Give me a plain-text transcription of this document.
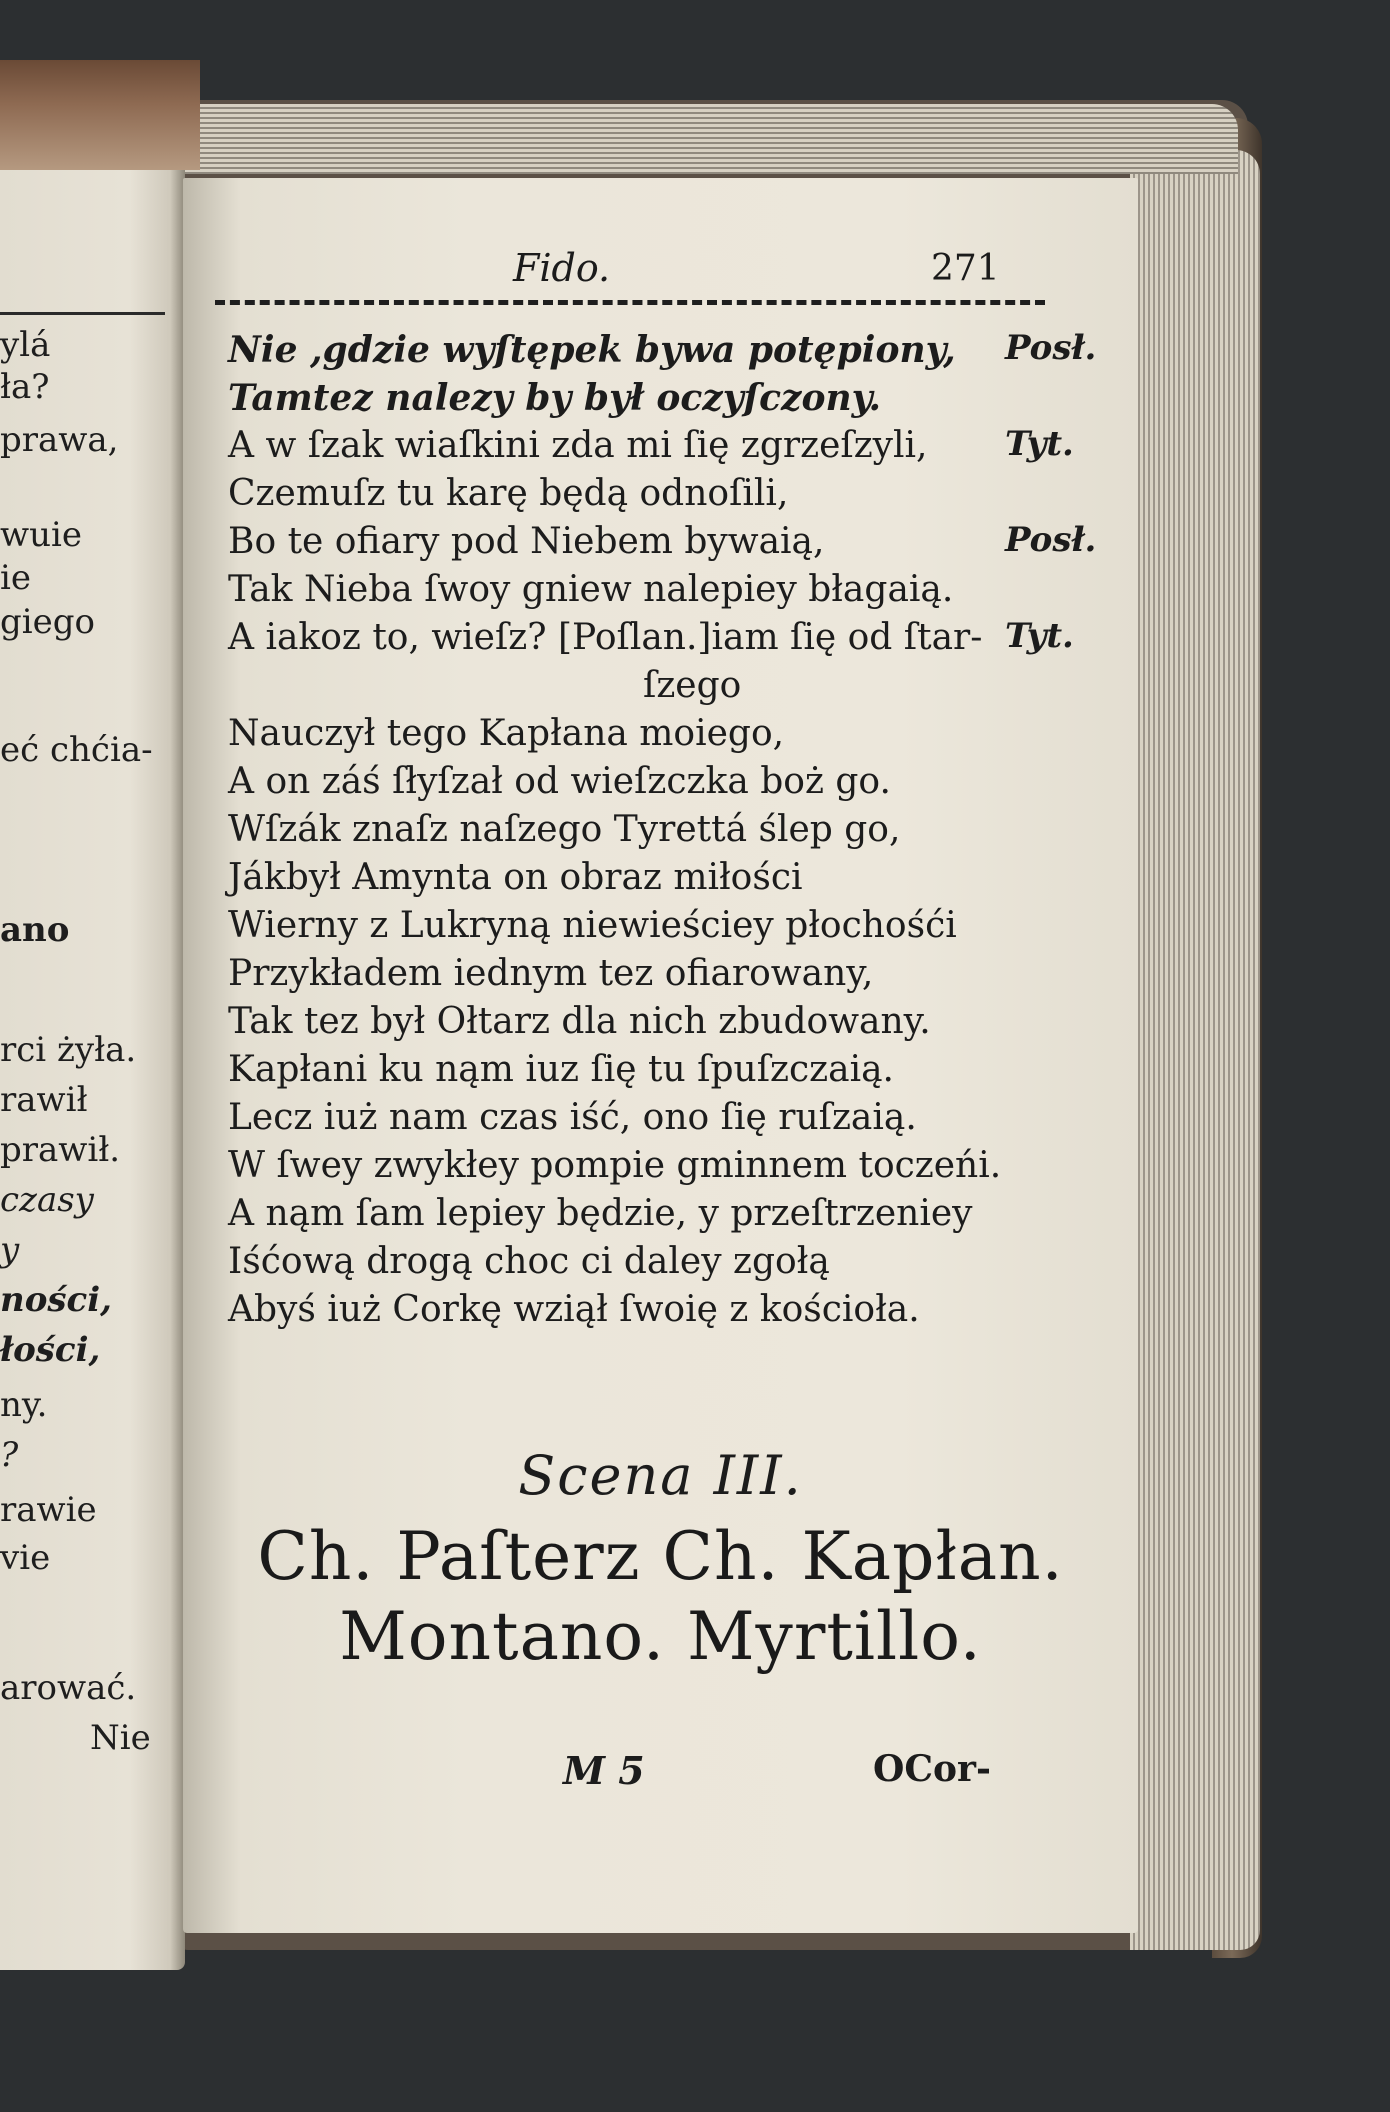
ylá
ła?
prawa,
wuie
ie
giego
eć chćia-
ano
rci żyła.
rawił
prawił.
czasy
y
ności,
łości,
ny.
?
rawie
vie
arować.
Nie
Fido.	271
Nie ,gdzie wyſtępek bywa potępiony,
Tamtez nalezy by był oczyſczony.
A w ſzak wiaſkini zda mi ſię zgrzeſzyli,
Czemuſz tu karę będą odnoſili,
Bo te ofiary pod Niebem bywaią,
Tak Nieba ſwoy gniew nalepiey błagaią.
A iakoz to, wieſz? [Poſlan.]iam ſię od ſtar-
ſzego
Nauczył tego Kapłana moiego,
A on záś ſłyſzał od wieſzczka boż go.
Wſzák znaſz naſzego Tyrettá ślep go,
Jákbył Amynta on obraz miłości
Wierny z Lukryną niewieściey płochośći
Przykładem iednym tez ofiarowany,
Tak tez był Ołtarz dla nich zbudowany.
Kapłani ku nąm iuz ſię tu ſpuſzczaią.
Lecz iuż nam czas iść, ono ſię ruſzaią.
W ſwey zwykłey pompie gminnem toczeńi.
A nąm ſam lepiey będzie, y przeſtrzeniey
Iśćową drogą choc ci daley zgołą
Abyś iuż Corkę wziął ſwoię z kościoła.
Posł.
Tyt.
Posł.
Tyt.
Scena III.
Ch. Paſterz Ch. Kapłan.
Montano. Myrtillo.
M 5	OCor-
